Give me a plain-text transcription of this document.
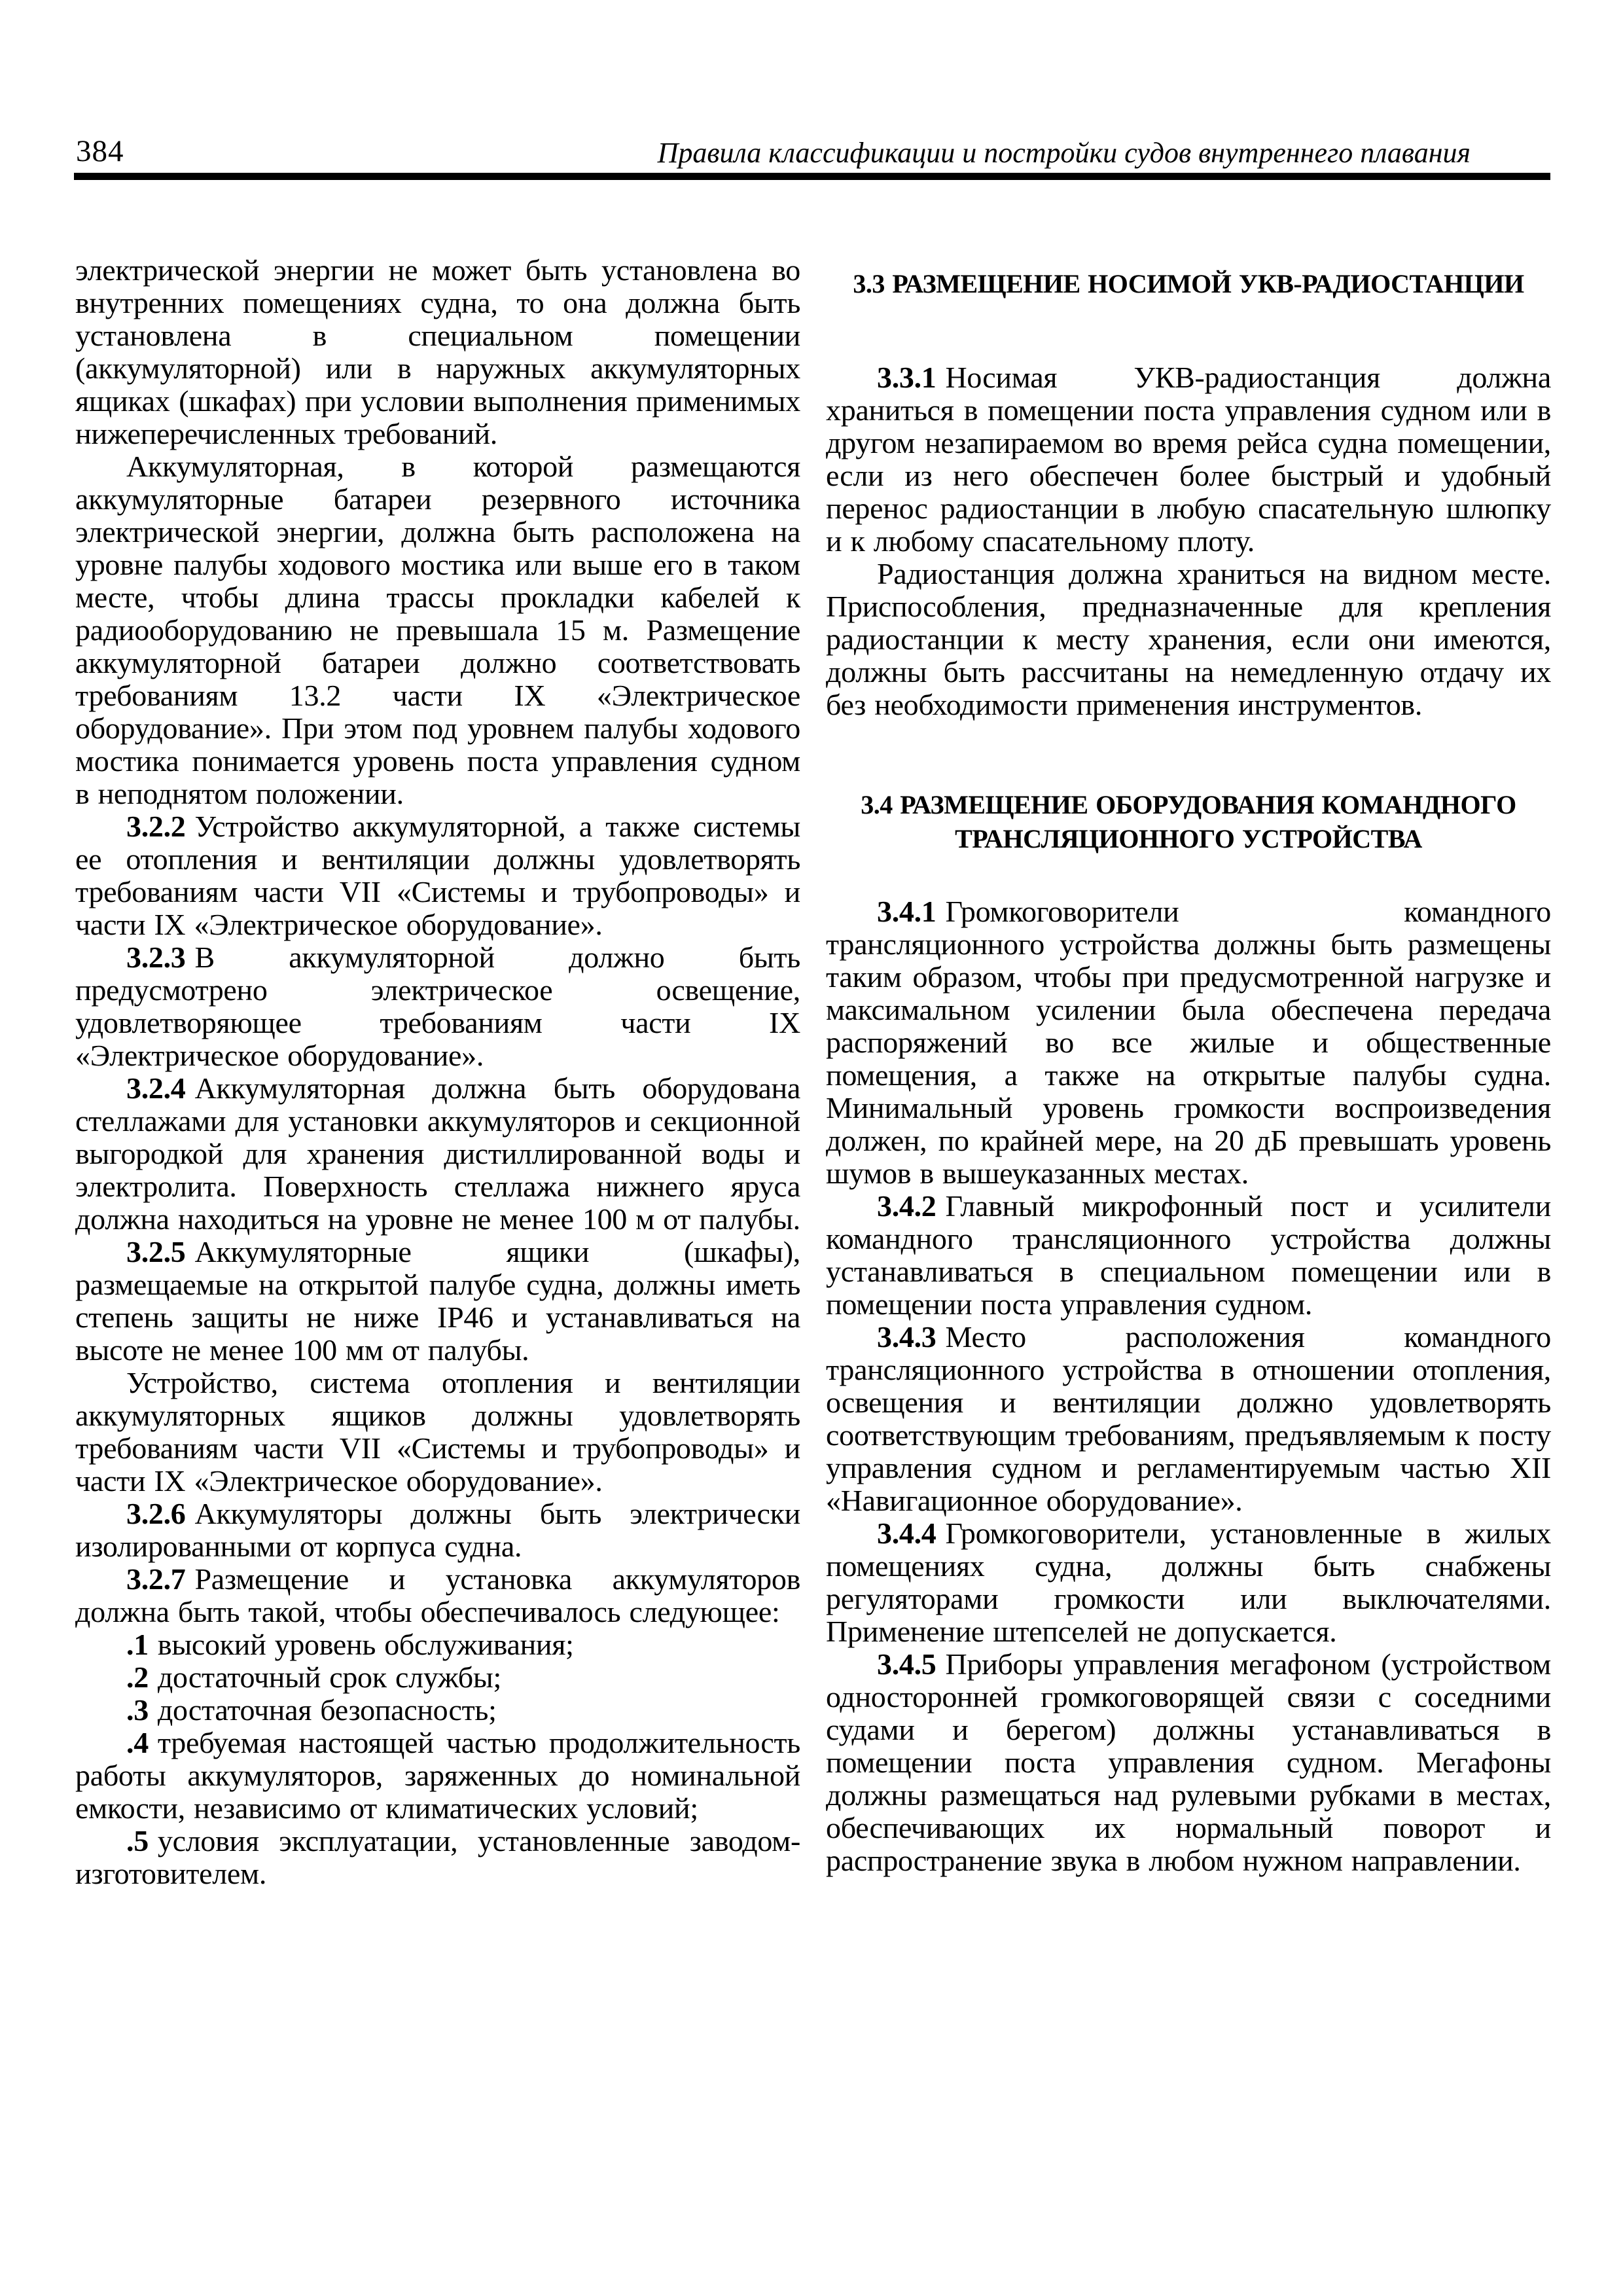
384	Правила классификации и постройки судов внутреннего плавания

электрической энергии не может быть установлена во внутренних помещениях судна, то она должна быть установлена в специальном помещении (аккумуляторной) или в наружных аккумуляторных ящиках (шкафах) при условии выполнения применимых нижеперечисленных требований.

Аккумуляторная, в которой размещаются аккумуляторные батареи резервного источника электрической энергии, должна быть расположена на уровне палубы ходового мостика или выше его в таком месте, чтобы длина трассы прокладки кабелей к радиооборудованию не превышала 15 м. Размещение аккумуляторной батареи должно соответствовать требованиям 13.2 части IX «Электрическое оборудование». При этом под уровнем палубы ходового мостика понимается уровень поста управления судном в неподнятом положении.

3.2.2 Устройство аккумуляторной, а также системы ее отопления и вентиляции должны удовлетворять требованиям части VII «Системы и трубопроводы» и части IX «Электрическое оборудование».

3.2.3 В аккумуляторной должно быть предусмотрено электрическое освещение, удовлетворяющее требованиям части IX «Электрическое оборудование».

3.2.4 Аккумуляторная должна быть оборудована стеллажами для установки аккумуляторов и секционной выгородкой для хранения дистиллированной воды и электролита. Поверхность стеллажа нижнего яруса должна находиться на уровне не менее 100 м от палубы.

3.2.5 Аккумуляторные ящики (шкафы), размещаемые на открытой палубе судна, должны иметь степень защиты не ниже IP46 и устанавливаться на высоте не менее 100 мм от палубы.

Устройство, система отопления и вентиляции аккумуляторных ящиков должны удовлетворять требованиям части VII «Системы и трубопроводы» и части IX «Электрическое оборудование».

3.2.6 Аккумуляторы должны быть электрически изолированными от корпуса судна.

3.2.7 Размещение и установка аккумуляторов должна быть такой, чтобы обеспечивалось следующее:

.1 высокий уровень обслуживания;

.2 достаточный срок службы;

.3 достаточная безопасность;

.4 требуемая настоящей частью продолжительность работы аккумуляторов, заряженных до номинальной емкости, независимо от климатических условий;

.5 условия эксплуатации, установленные заводом-изготовителем.

3.3 РАЗМЕЩЕНИЕ НОСИМОЙ УКВ-РАДИОСТАНЦИИ

3.3.1 Носимая УКВ-радиостанция должна храниться в помещении поста управления судном или в другом незапираемом во время рейса судна помещении, если из него обеспечен более быстрый и удобный перенос радиостанции в любую спасательную шлюпку и к любому спасательному плоту.

Радиостанция должна храниться на видном месте. Приспособления, предназначенные для крепления радиостанции к месту хранения, если они имеются, должны быть рассчитаны на немедленную отдачу их без необходимости применения инструментов.

3.4 РАЗМЕЩЕНИЕ ОБОРУДОВАНИЯ КОМАНДНОГО ТРАНСЛЯЦИОННОГО УСТРОЙСТВА

3.4.1 Громкоговорители командного трансляционного устройства должны быть размещены таким образом, чтобы при предусмотренной нагрузке и максимальном усилении была обеспечена передача распоряжений во все жилые и общественные помещения, а также на открытые палубы судна. Минимальный уровень громкости воспроизведения должен, по крайней мере, на 20 дБ превышать уровень шумов в вышеуказанных местах.

3.4.2 Главный микрофонный пост и усилители командного трансляционного устройства должны устанавливаться в специальном помещении или в помещении поста управления судном.

3.4.3 Место расположения командного трансляционного устройства в отношении отопления, освещения и вентиляции должно удовлетворять соответствующим требованиям, предъявляемым к посту управления судном и регламентируемым частью XII «Навигационное оборудование».

3.4.4 Громкоговорители, установленные в жилых помещениях судна, должны быть снабжены регуляторами громкости или выключателями. Применение штепселей не допускается.

3.4.5 Приборы управления мегафоном (устройством односторонней громкоговорящей связи с соседними судами и берегом) должны устанавливаться в помещении поста управления судном. Мегафоны должны размещаться над рулевыми рубками в местах, обеспечивающих их нормальный поворот и распространение звука в любом нужном направлении.
